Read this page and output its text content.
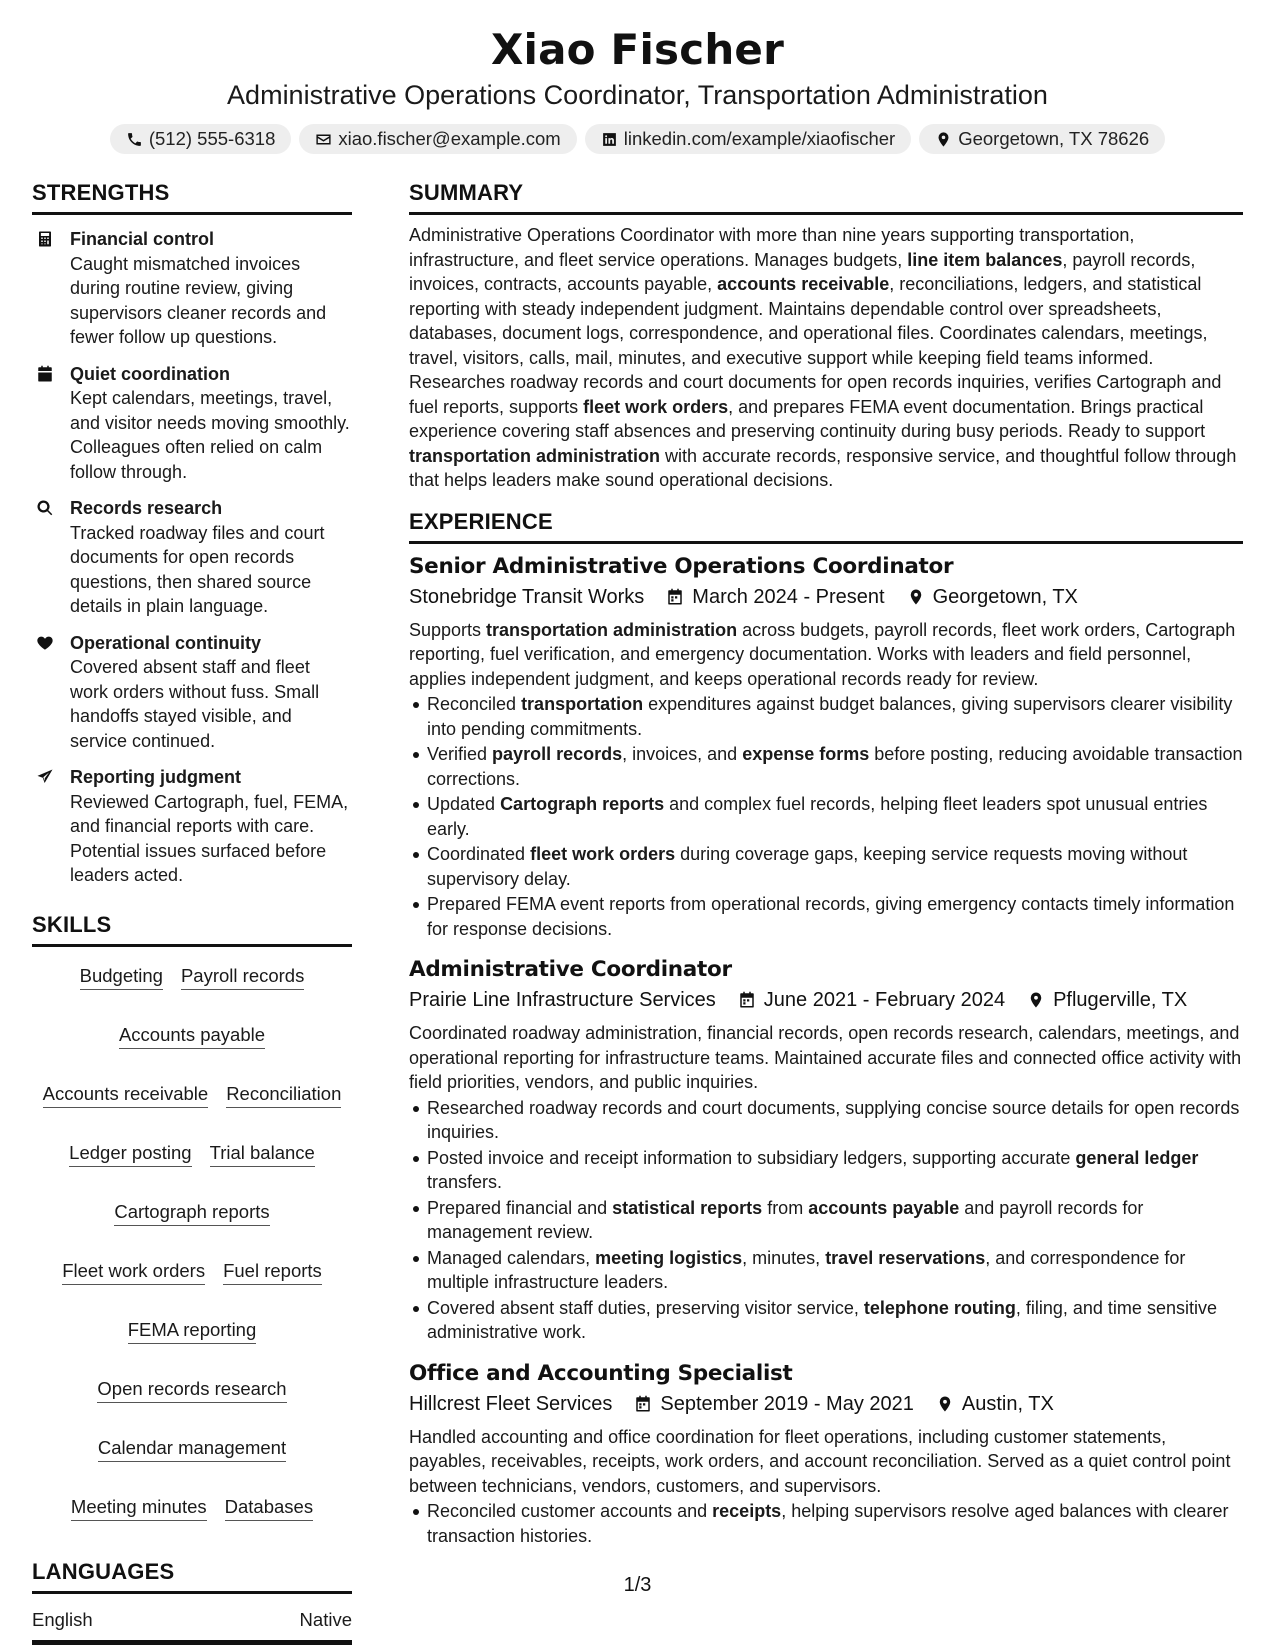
Xiao Fischer
Administrative Operations Coordinator, Transportation Administration
(512) 555-6318	xiao.fischer@example.com	linkedin.com/example/xiaofischer	Georgetown, TX 78626
STRENGTHS
Financial control
Caught mismatched invoices during routine review, giving supervisors cleaner records and fewer follow up questions.
Quiet coordination
Kept calendars, meetings, travel, and visitor needs moving smoothly. Colleagues often relied on calm follow through.
Records research
Tracked roadway files and court documents for open records questions, then shared source details in plain language.
Operational continuity
Covered absent staff and fleet work orders without fuss. Small handoffs stayed visible, and service continued.
Reporting judgment
Reviewed Cartograph, fuel, FEMA, and financial reports with care. Potential issues surfaced before leaders acted.
SKILLS
Budgeting Payroll records
Accounts payable
Accounts receivable Reconciliation
Ledger posting Trial balance
Cartograph reports
Fleet work orders Fuel reports
FEMA reporting
Open records research
Calendar management
Meeting minutes Databases
LANGUAGES
English	Native
SUMMARY

Administrative Operations Coordinator with more than nine years supporting transportation, infrastructure, and fleet service operations. Manages budgets, line item balances, payroll records, invoices, contracts, accounts payable, accounts receivable, reconciliations, ledgers, and statistical reporting with steady independent judgment. Maintains dependable control over spreadsheets, databases, document logs, correspondence, and operational files. Coordinates calendars, meetings, travel, visitors, calls, mail, minutes, and executive support while keeping field teams informed. Researches roadway records and court documents for open records inquiries, verifies Cartograph and fuel reports, supports fleet work orders, and prepares FEMA event documentation. Brings practical experience covering staff absences and preserving continuity during busy periods. Ready to support transportation administration with accurate records, responsive service, and thoughtful follow through that helps leaders make sound operational decisions.

EXPERIENCE
Senior Administrative Operations Coordinator
Stonebridge Transit Works March 2024 - Present Georgetown, TX

Supports transportation administration across budgets, payroll records, fleet work orders, Cartograph reporting, fuel verification, and emergency documentation. Works with leaders and field personnel, applies independent judgment, and keeps operational records ready for review.

Reconciled transportation expenditures against budget balances, giving supervisors clearer visibility into pending commitments.
Verified payroll records, invoices, and expense forms before posting, reducing avoidable transaction corrections.
Updated Cartograph reports and complex fuel records, helping fleet leaders spot unusual entries early.
Coordinated fleet work orders during coverage gaps, keeping service requests moving without supervisory delay.
Prepared FEMA event reports from operational records, giving emergency contacts timely information for response decisions.
Administrative Coordinator
Prairie Line Infrastructure Services June 2021 - February 2024 Pflugerville, TX

Coordinated roadway administration, financial records, open records research, calendars, meetings, and operational reporting for infrastructure teams. Maintained accurate files and connected office activity with field priorities, vendors, and public inquiries.

Researched roadway records and court documents, supplying concise source details for open records inquiries.
Posted invoice and receipt information to subsidiary ledgers, supporting accurate general ledger transfers.
Prepared financial and statistical reports from accounts payable and payroll records for management review.
Managed calendars, meeting logistics, minutes, travel reservations, and correspondence for multiple infrastructure leaders.
Covered absent staff duties, preserving visitor service, telephone routing, filing, and time sensitive administrative work.
Office and Accounting Specialist
Hillcrest Fleet Services September 2019 - May 2021 Austin, TX

Handled accounting and office coordination for fleet operations, including customer statements, payables, receivables, receipts, work orders, and account reconciliation. Served as a quiet control point between technicians, vendors, customers, and supervisors.

Reconciled customer accounts and receipts, helping supervisors resolve aged balances with clearer transaction histories.
1/3
